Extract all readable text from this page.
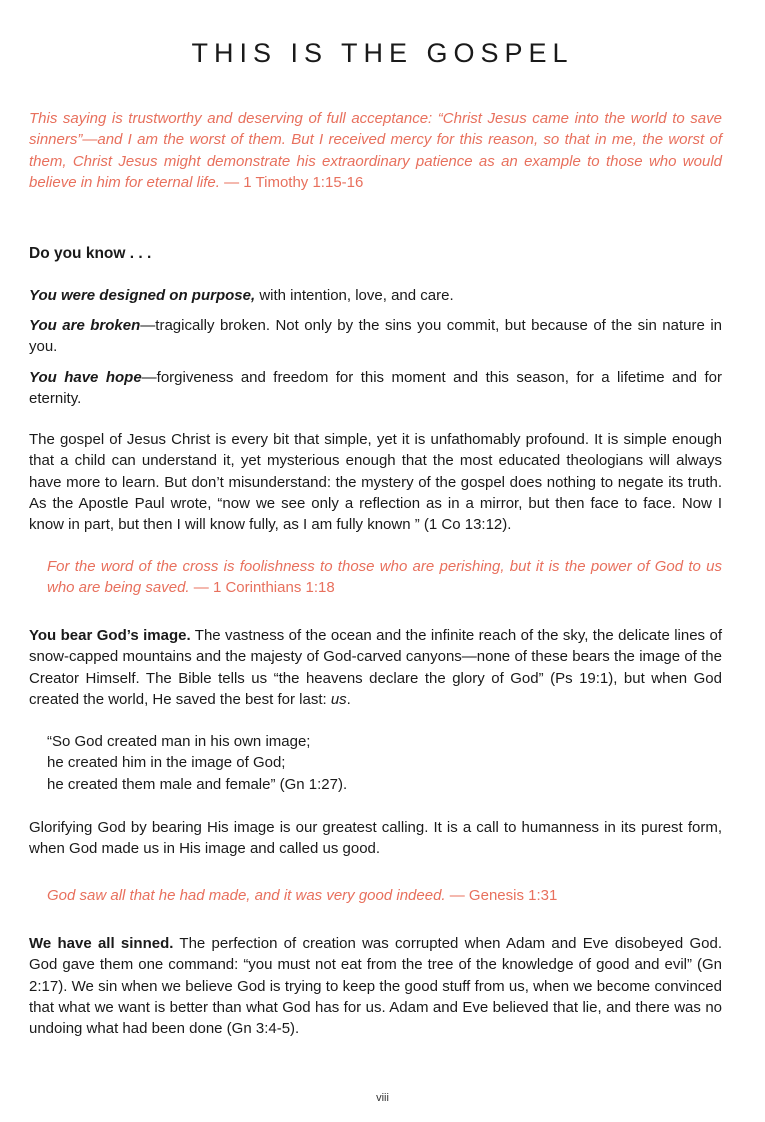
THIS IS THE GOSPEL
This saying is trustworthy and deserving of full acceptance: “Christ Jesus came into the world to save sinners”—and I am the worst of them. But I received mercy for this reason, so that in me, the worst of them, Christ Jesus might demonstrate his extraordinary patience as an example to those who would believe in him for eternal life. — 1 Timothy 1:15-16
Do you know . . .
You were designed on purpose, with intention, love, and care.
You are broken—tragically broken. Not only by the sins you commit, but because of the sin nature in you.
You have hope—forgiveness and freedom for this moment and this season, for a lifetime and for eternity.
The gospel of Jesus Christ is every bit that simple, yet it is unfathomably profound. It is simple enough that a child can understand it, yet mysterious enough that the most educated theologians will always have more to learn. But don’t misunderstand: the mystery of the gospel does nothing to negate its truth. As the Apostle Paul wrote, “now we see only a reflection as in a mirror, but then face to face. Now I know in part, but then I will know fully, as I am fully known ” (1 Co 13:12).
For the word of the cross is foolishness to those who are perishing, but it is the power of God to us who are being saved. — 1 Corinthians 1:18
You bear God’s image. The vastness of the ocean and the infinite reach of the sky, the delicate lines of snow-capped mountains and the majesty of God-carved canyons—none of these bears the image of the Creator Himself. The Bible tells us “the heavens declare the glory of God” (Ps 19:1), but when God created the world, He saved the best for last: us.
“So God created man in his own image;
he created him in the image of God;
he created them male and female” (Gn 1:27).
Glorifying God by bearing His image is our greatest calling. It is a call to humanness in its purest form, when God made us in His image and called us good.
God saw all that he had made, and it was very good indeed. — Genesis 1:31
We have all sinned. The perfection of creation was corrupted when Adam and Eve disobeyed God. God gave them one command: “you must not eat from the tree of the knowledge of good and evil” (Gn 2:17). We sin when we believe God is trying to keep the good stuff from us, when we become convinced that what we want is better than what God has for us. Adam and Eve believed that lie, and there was no undoing what had been done (Gn 3:4-5).
viii
